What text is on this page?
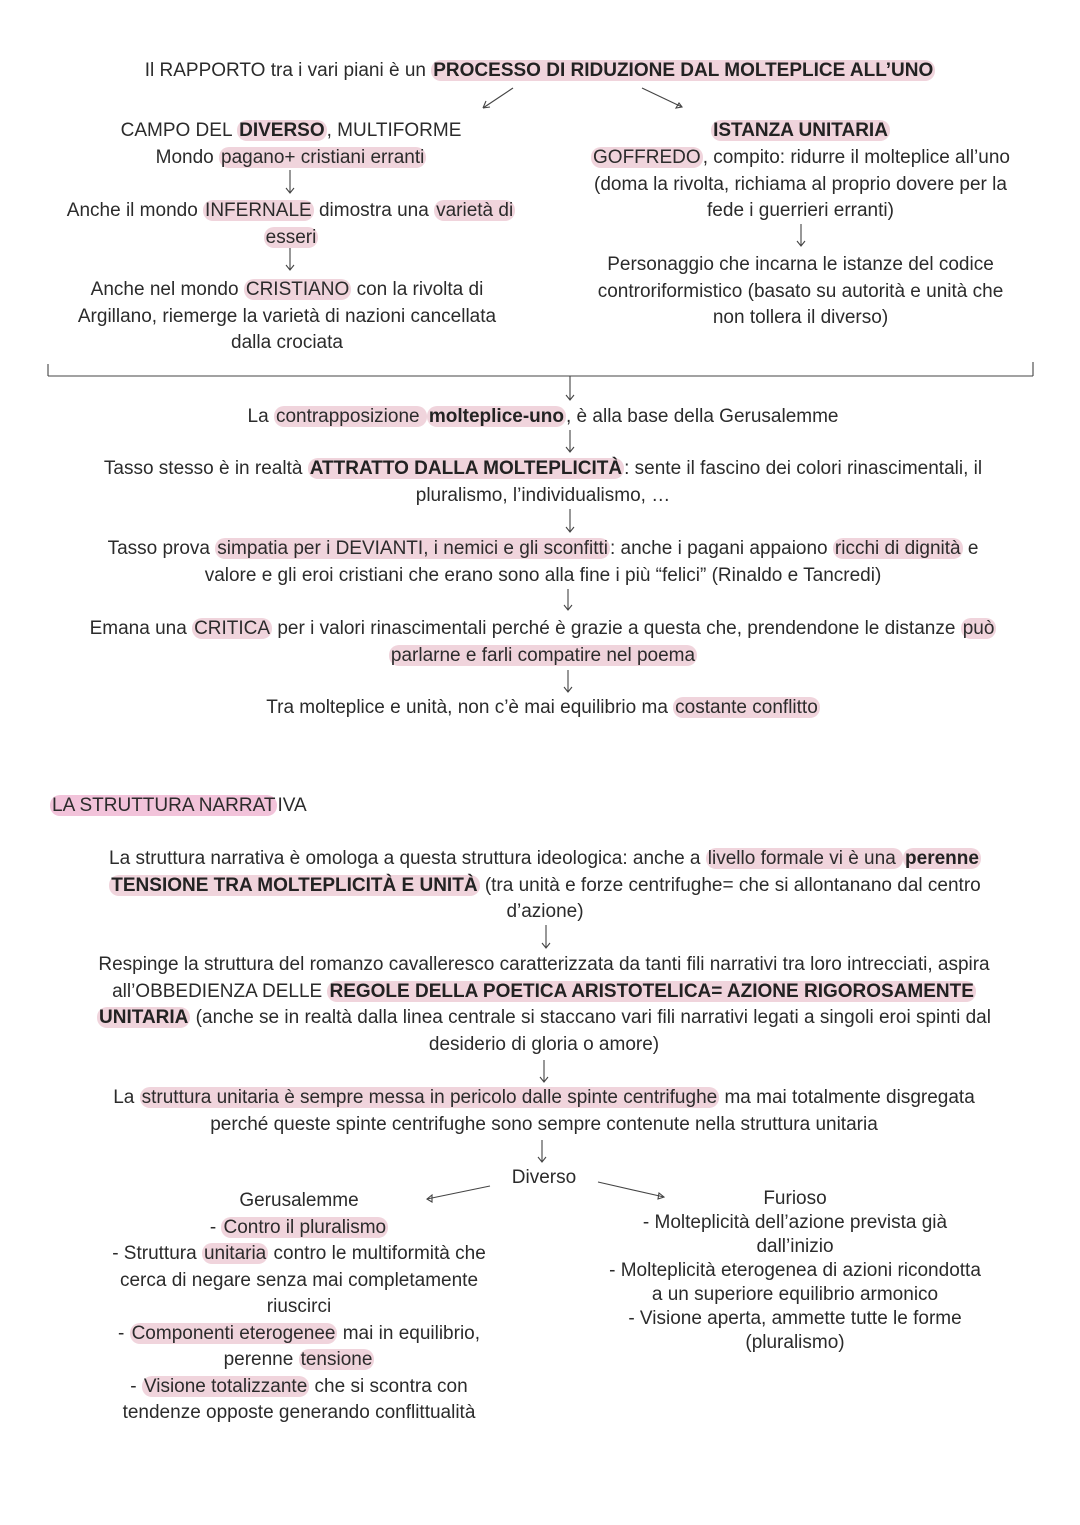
Il RAPPORTO tra i vari piani è un PROCESSO DI RIDUZIONE DAL MOLTEPLICE ALL’UNO
CAMPO DEL DIVERSO , MULTIFORME
Mondo pagano+ cristiani erranti
Anche il mondo INFERNALE dimostra una varietà di
esseri
Anche nel mondo CRISTIANO con la rivolta di
Argillano, riemerge la varietà di nazioni cancellata
dalla crociata
ISTANZA UNITARIA
GOFFREDO , compito: ridurre il molteplice all’uno
(doma la rivolta, richiama al proprio dovere per la
fede i guerrieri erranti)
Personaggio che incarna le istanze del codice
controriformistico (basato su autorità e unità che
non tollera il diverso)
La contrapposizione molteplice-uno , è alla base della Gerusalemme
Tasso stesso è in realtà ATTRATTO DALLA MOLTEPLICITÀ : sente il fascino dei colori rinascimentali, il
pluralismo, l’individualismo, …
Tasso prova simpatia per i DEVIANTI, i nemici e gli sconfitti : anche i pagani appaiono ricchi di dignità e
valore e gli eroi cristiani che erano sono alla fine i più “felici” (Rinaldo e Tancredi)
Emana una CRITICA per i valori rinascimentali perché è grazie a questa che, prendendone le distanze può
parlarne e farli compatire nel poema
Tra molteplice e unità, non c’è mai equilibrio ma costante conflitto
LA STRUTTURA NARRAT IVA
La struttura narrativa è omologa a questa struttura ideologica: anche a livello formale vi è una perenne
TENSIONE TRA MOLTEPLICITÀ E UNITÀ (tra unità e forze centrifughe= che si allontanano dal centro
d’azione)
Respinge la struttura del romanzo cavalleresco caratterizzata da tanti fili narrativi tra loro intrecciati, aspira
all’OBBEDIENZA DELLE REGOLE DELLA POETICA ARISTOTELICA= AZIONE RIGOROSAMENTE
UNITARIA (anche se in realtà dalla linea centrale si staccano vari fili narrativi legati a singoli eroi spinti dal
desiderio di gloria o amore)
La struttura unitaria è sempre messa in pericolo dalle spinte centrifughe ma mai totalmente disgregata
perché queste spinte centrifughe sono sempre contenute nella struttura unitaria
Diverso
Gerusalemme
- Contro il pluralismo
- Struttura unitaria contro le multiformità che
cerca di negare senza mai completamente
riuscirci
- Componenti eterogenee mai in equilibrio,
perenne tensione
- Visione totalizzante che si scontra con
tendenze opposte generando conflittualità
Furioso
- Molteplicità dell’azione prevista già
dall’inizio
- Molteplicità eterogenea di azioni ricondotta
a un superiore equilibrio armonico
- Visione aperta, ammette tutte le forme
(pluralismo)
